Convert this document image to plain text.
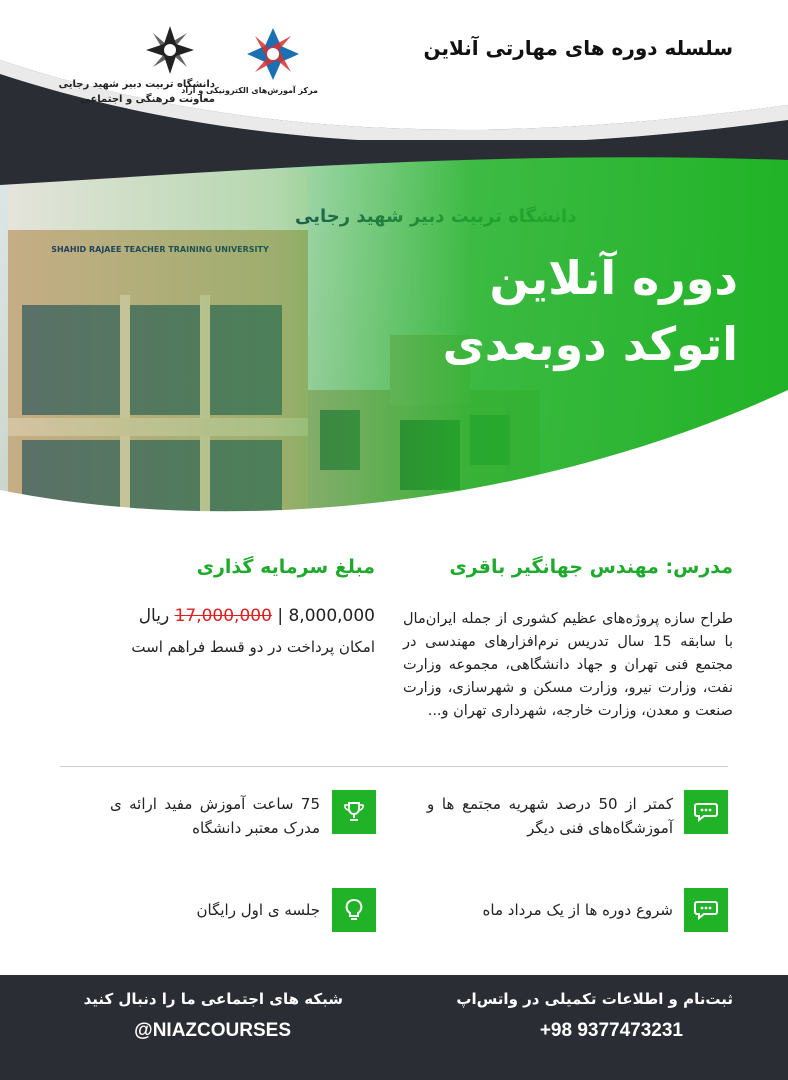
سلسله دوره های مهارتی آنلاین
مرکز آموزش‌های الکترونیکی و آزاد
دانشگاه تربیت دبیر شهید رجایی
معاونت فرهنگی و اجتماعی
دوره آنلاین
اتوکد دوبعدی
مدرس: مهندس جهانگیر باقری
مبلغ سرمایه گذاری
طراح سازه پروژه‌های عظیم کشوری از جمله ایران‌مال با سابقه 15 سال تدریس نرم‌افزارهای مهندسی در مجتمع فنی تهران و جهاد دانشگاهی، مجموعه وزارت نفت، وزارت نیرو، وزارت مسکن و شهرسازی، وزارت صنعت و معدن، وزارت خارجه، شهرداری تهران و...
8,000,000 | 17,000,000 ریال
امکان پرداخت در دو قسط فراهم است
کمتر از 50 درصد شهریه مجتمع ها و آموزشگاه‌های فنی دیگر
75 ساعت آموزش مفید ارائه ی مدرک معتبر دانشگاه
شروع دوره ها از یک مرداد ماه
جلسه ی اول رایگان
ثبت‌نام و اطلاعات تکمیلی در واتس‌اپ
+98 9377473231
شبکه های اجتماعی ما را دنبال کنید
@NIAZCOURSES
